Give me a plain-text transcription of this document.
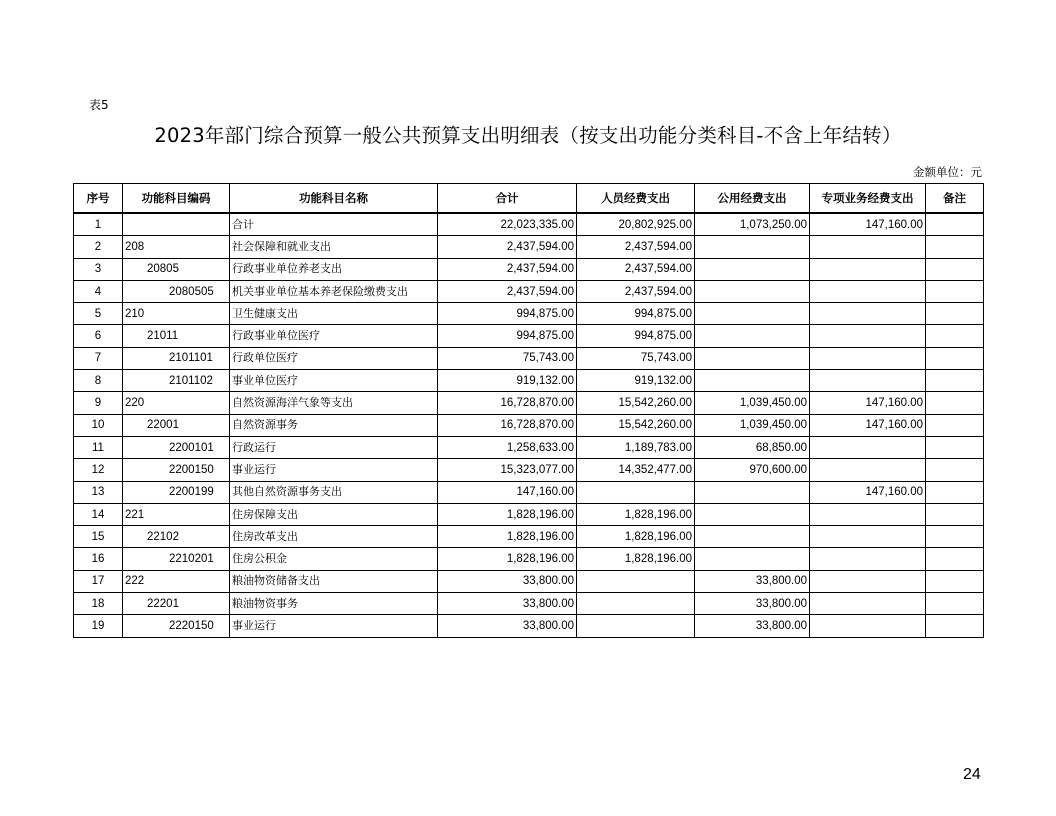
表5
2023年部门综合预算一般公共预算支出明细表（按支出功能分类科目-不含上年结转）
金额单位：元
序号	功能科目编码	功能科目名称	合计	人员经费支出	公用经费支出	专项业务经费支出	备注
1		合计	22,023,335.00	20,802,925.00	1,073,250.00	147,160.00	
2	208	社会保障和就业支出	2,437,594.00	2,437,594.00			
3	20805	行政事业单位养老支出	2,437,594.00	2,437,594.00			
4	2080505	机关事业单位基本养老保险缴费支出	2,437,594.00	2,437,594.00			
5	210	卫生健康支出	994,875.00	994,875.00			
6	21011	行政事业单位医疗	994,875.00	994,875.00			
7	2101101	行政单位医疗	75,743.00	75,743.00			
8	2101102	事业单位医疗	919,132.00	919,132.00			
9	220	自然资源海洋气象等支出	16,728,870.00	15,542,260.00	1,039,450.00	147,160.00	
10	22001	自然资源事务	16,728,870.00	15,542,260.00	1,039,450.00	147,160.00	
11	2200101	行政运行	1,258,633.00	1,189,783.00	68,850.00		
12	2200150	事业运行	15,323,077.00	14,352,477.00	970,600.00		
13	2200199	其他自然资源事务支出	147,160.00			147,160.00	
14	221	住房保障支出	1,828,196.00	1,828,196.00			
15	22102	住房改革支出	1,828,196.00	1,828,196.00			
16	2210201	住房公积金	1,828,196.00	1,828,196.00			
17	222	粮油物资储备支出	33,800.00		33,800.00		
18	22201	粮油物资事务	33,800.00		33,800.00		
19	2220150	事业运行	33,800.00		33,800.00		
24
